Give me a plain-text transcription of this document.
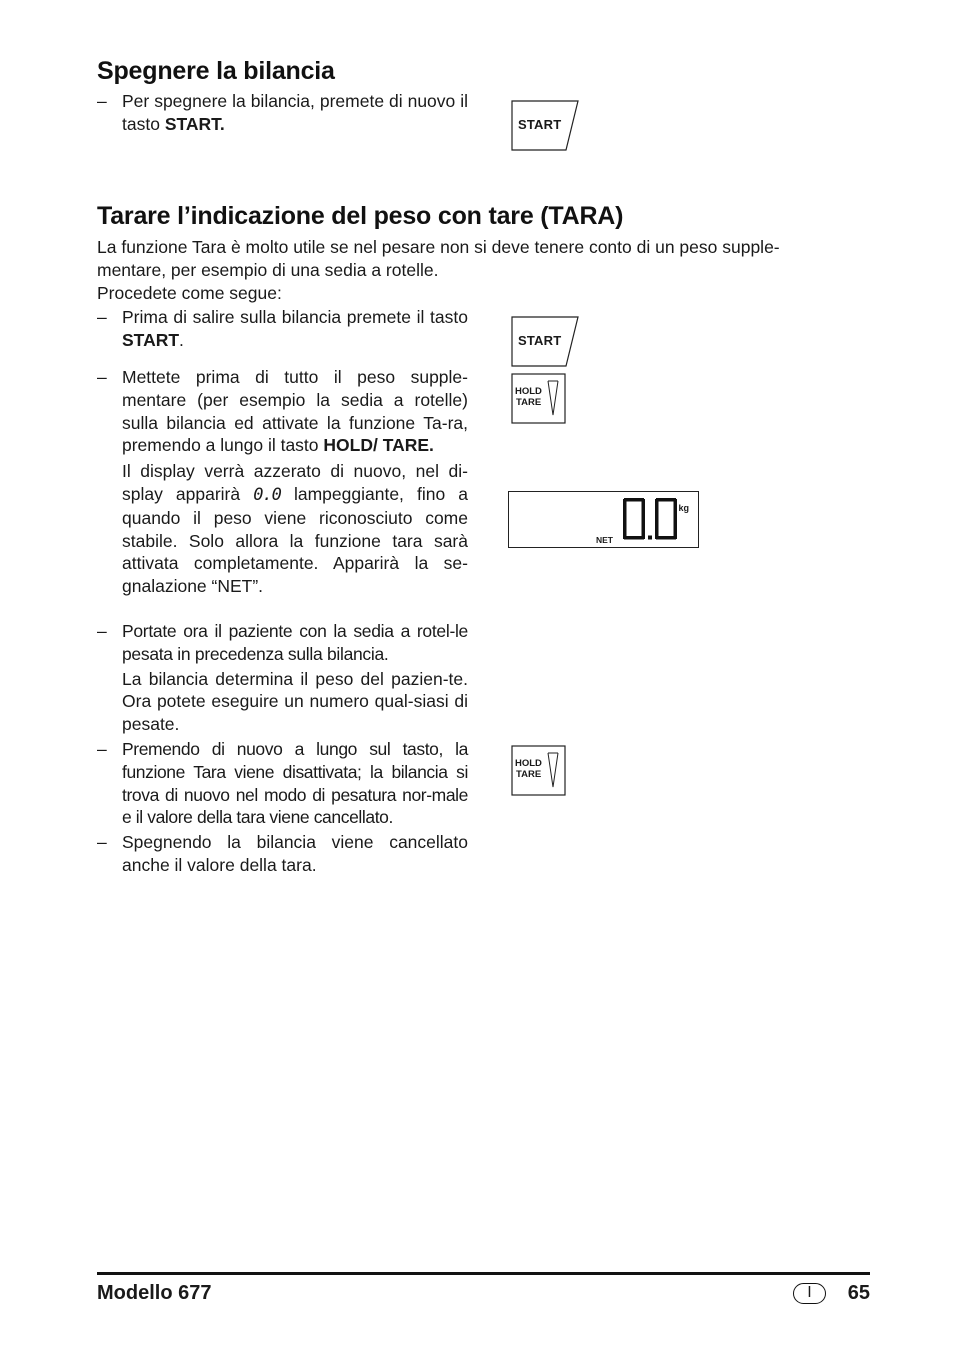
Spegnere la bilancia
– Per spegnere la bilancia, premete di nuovo il tasto START.	START
Tarare l’indicazione del peso con tare (TARA)
La funzione Tara è molto utile se nel pesare non si deve tenere conto di un peso supple-
mentare, per esempio di una sedia a rotelle.
Procedete come segue:
– Prima di salire sulla bilancia premete il tasto START.	START
– Mettete prima di tutto il peso supple-mentare (per esempio la sedia a rotelle) sulla bilancia ed attivate la funzione Ta-ra, premendo a lungo il tasto HOLD/ TARE.
Il display verrà azzerato di nuovo, nel di-splay apparirà 0.0 lampeggiante, fino a quando il peso viene riconosciuto come stabile. Solo allora la funzione tara sarà attivata completamente. Apparirà la se-gnalazione “NET”.
HOLD
TARE
kg
NET
– Portate ora il paziente con la sedia a rotel-le pesata in precedenza sulla bilancia.
La bilancia determina il peso del pazien-te. Ora potete eseguire un numero qual-siasi di pesate.
– Premendo di nuovo a lungo sul tasto, la funzione Tara viene disattivata; la bilancia si trova di nuovo nel modo di pesatura nor-male e il valore della tara viene cancellato.
HOLD
TARE
– Spegnendo la bilancia viene cancellato anche il valore della tara.
Modello 677	I	65
